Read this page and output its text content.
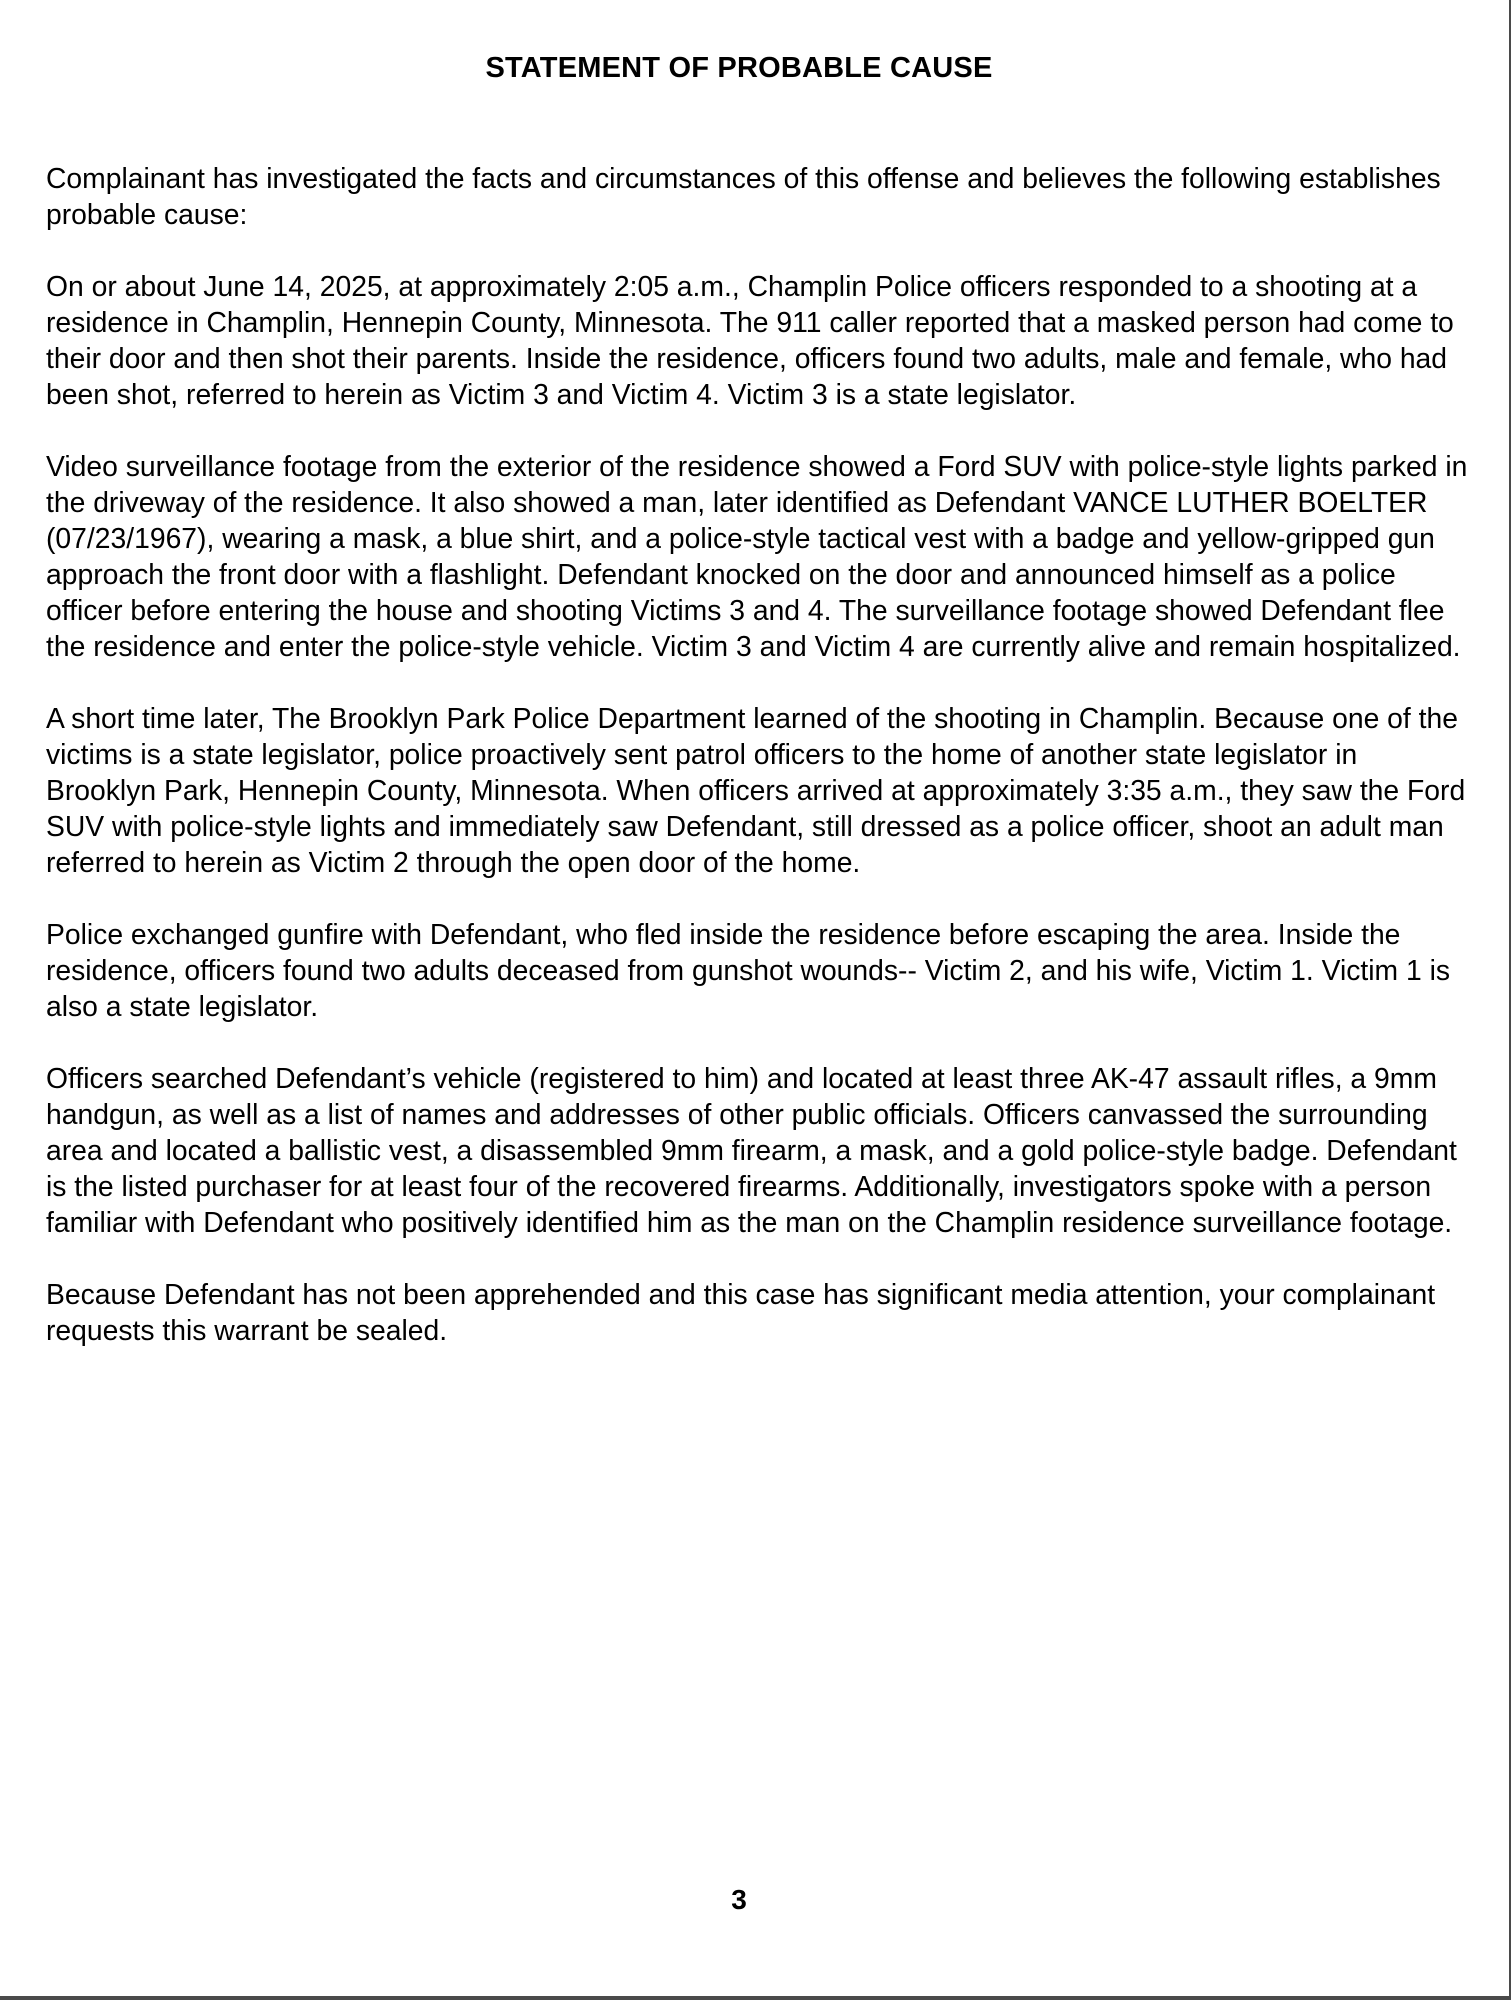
STATEMENT OF PROBABLE CAUSE

Complainant has investigated the facts and circumstances of this offense and believes the following establishes probable cause:

On or about June 14, 2025, at approximately 2:05 a.m., Champlin Police officers responded to a shooting at a residence in Champlin, Hennepin County, Minnesota. The 911 caller reported that a masked person had come to their door and then shot their parents. Inside the residence, officers found two adults, male and female, who had been shot, referred to herein as Victim 3 and Victim 4. Victim 3 is a state legislator.

Video surveillance footage from the exterior of the residence showed a Ford SUV with police-style lights parked in the driveway of the residence. It also showed a man, later identified as Defendant VANCE LUTHER BOELTER (07/23/1967), wearing a mask, a blue shirt, and a police-style tactical vest with a badge and yellow-gripped gun approach the front door with a flashlight. Defendant knocked on the door and announced himself as a police officer before entering the house and shooting Victims 3 and 4. The surveillance footage showed Defendant flee the residence and enter the police-style vehicle. Victim 3 and Victim 4 are currently alive and remain hospitalized.

A short time later, The Brooklyn Park Police Department learned of the shooting in Champlin. Because one of the victims is a state legislator, police proactively sent patrol officers to the home of another state legislator in Brooklyn Park, Hennepin County, Minnesota. When officers arrived at approximately 3:35 a.m., they saw the Ford SUV with police-style lights and immediately saw Defendant, still dressed as a police officer, shoot an adult man referred to herein as Victim 2 through the open door of the home.

Police exchanged gunfire with Defendant, who fled inside the residence before escaping the area. Inside the residence, officers found two adults deceased from gunshot wounds-- Victim 2, and his wife, Victim 1. Victim 1 is also a state legislator.

Officers searched Defendant’s vehicle (registered to him) and located at least three AK-47 assault rifles, a 9mm handgun, as well as a list of names and addresses of other public officials. Officers canvassed the surrounding area and located a ballistic vest, a disassembled 9mm firearm, a mask, and a gold police-style badge. Defendant is the listed purchaser for at least four of the recovered firearms. Additionally, investigators spoke with a person familiar with Defendant who positively identified him as the man on the Champlin residence surveillance footage.

Because Defendant has not been apprehended and this case has significant media attention, your complainant requests this warrant be sealed.

3
